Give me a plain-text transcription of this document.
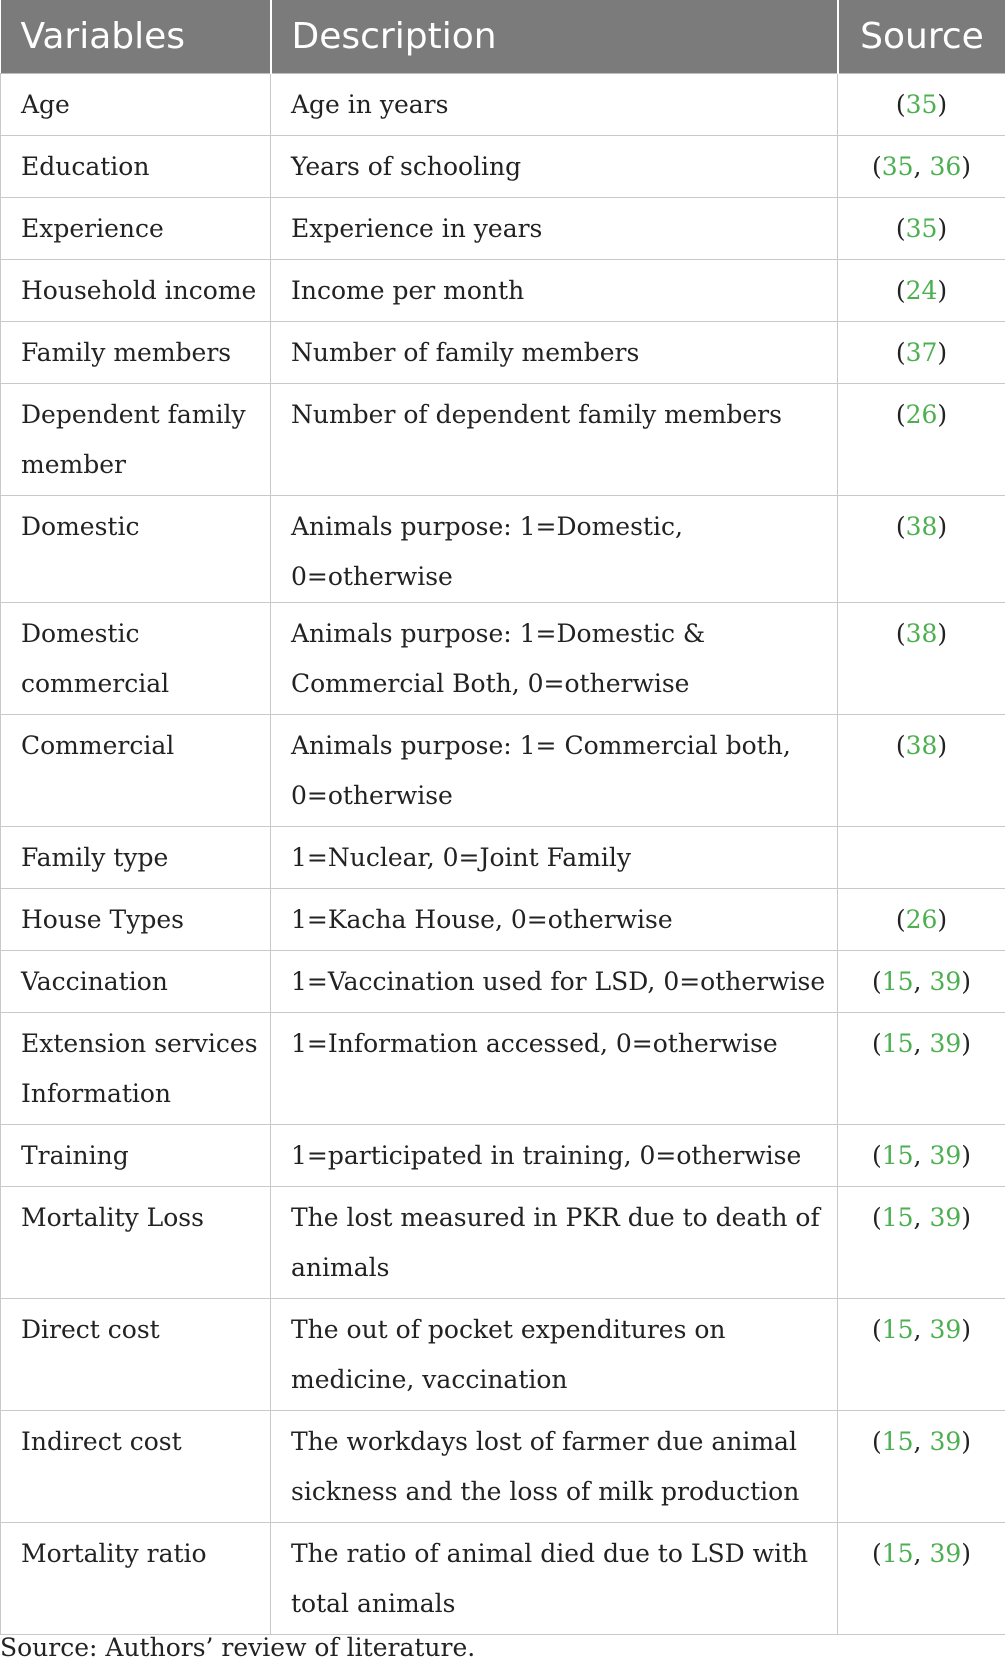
Variables	Description	Source
Age	Age in years	(35)
Education	Years of schooling	(35, 36)
Experience	Experience in years	(35)
Household income	Income per month	(24)
Family members	Number of family members	(37)
Dependent family member	Number of dependent family members	(26)
Domestic	Animals purpose: 1=Domestic, 0=otherwise	(38)
Domestic commercial	Animals purpose: 1=Domestic & Commercial Both, 0=otherwise	(38)
Commercial	Animals purpose: 1= Commercial both, 0=otherwise	(38)
Family type	1=Nuclear, 0=Joint Family	
House Types	1=Kacha House, 0=otherwise	(26)
Vaccination	1=Vaccination used for LSD, 0=otherwise	(15, 39)
Extension services Information	1=Information accessed, 0=otherwise	(15, 39)
Training	1=participated in training, 0=otherwise	(15, 39)
Mortality Loss	The lost measured in PKR due to death of animals	(15, 39)
Direct cost	The out of pocket expenditures on medicine, vaccination	(15, 39)
Indirect cost	The workdays lost of farmer due animal sickness and the loss of milk production	(15, 39)
Mortality ratio	The ratio of animal died due to LSD with total animals	(15, 39)
Source: Authors’ review of literature.
